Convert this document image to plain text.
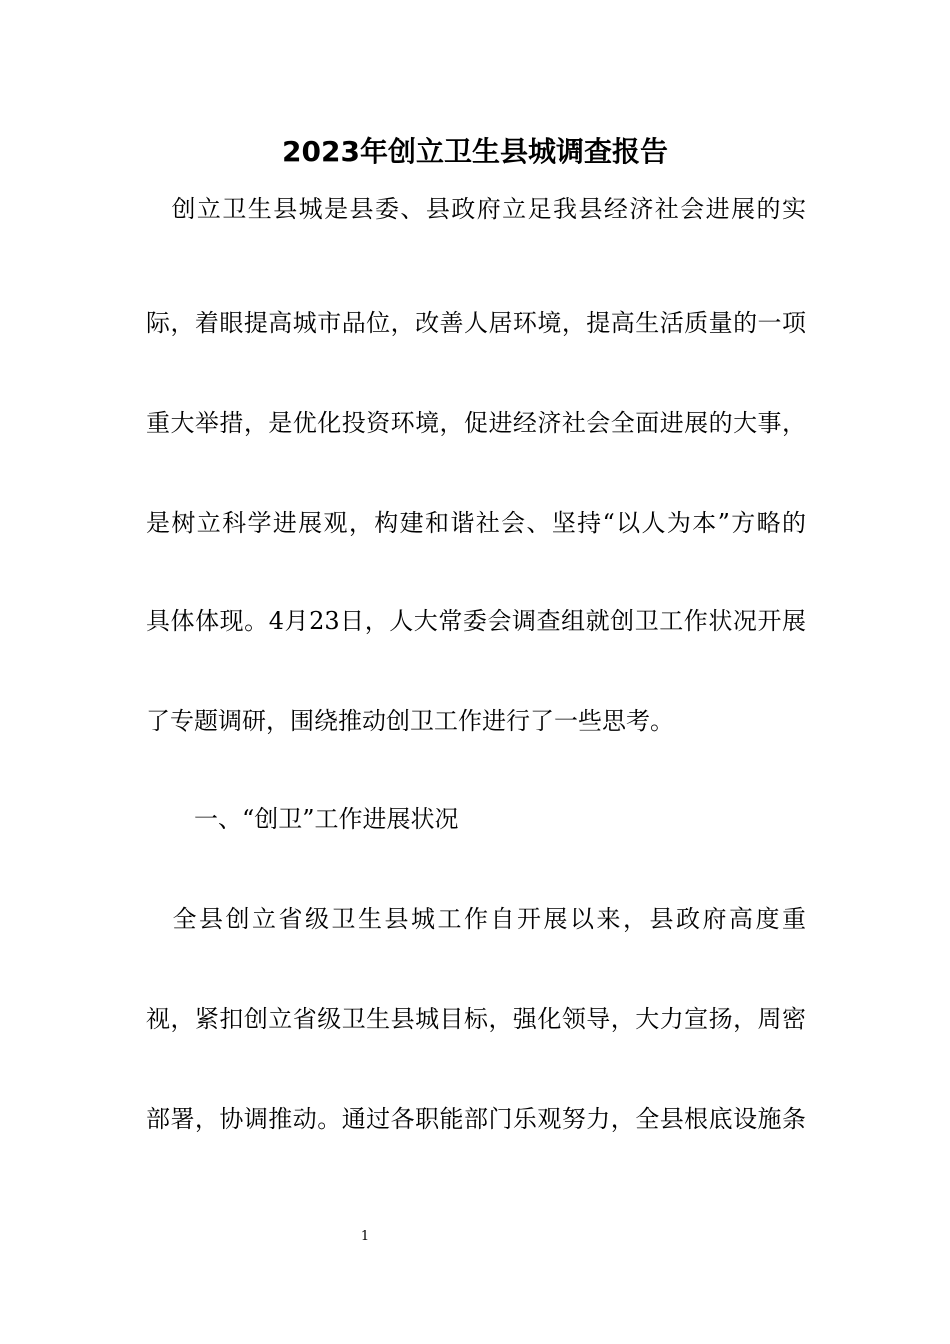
2023年创立卫生县城调查报告
　创立卫生县城是县委、县政府立足我县经济社会进展的实
际，着眼提高城市品位，改善人居环境，提高生活质量的一项
重大举措，是优化投资环境，促进经济社会全面进展的大事，
是树立科学进展观，构建和谐社会、坚持“以人为本”方略的
具体体现。4月23日，人大常委会调查组就创卫工作状况开展
了专题调研，围绕推动创卫工作进行了一些思考。
一、“创卫”工作进展状况
　全县创立省级卫生县城工作自开展以来，县政府高度重
视，紧扣创立省级卫生县城目标，强化领导，大力宣扬，周密
部署，协调推动。通过各职能部门乐观努力，全县根底设施条
1
